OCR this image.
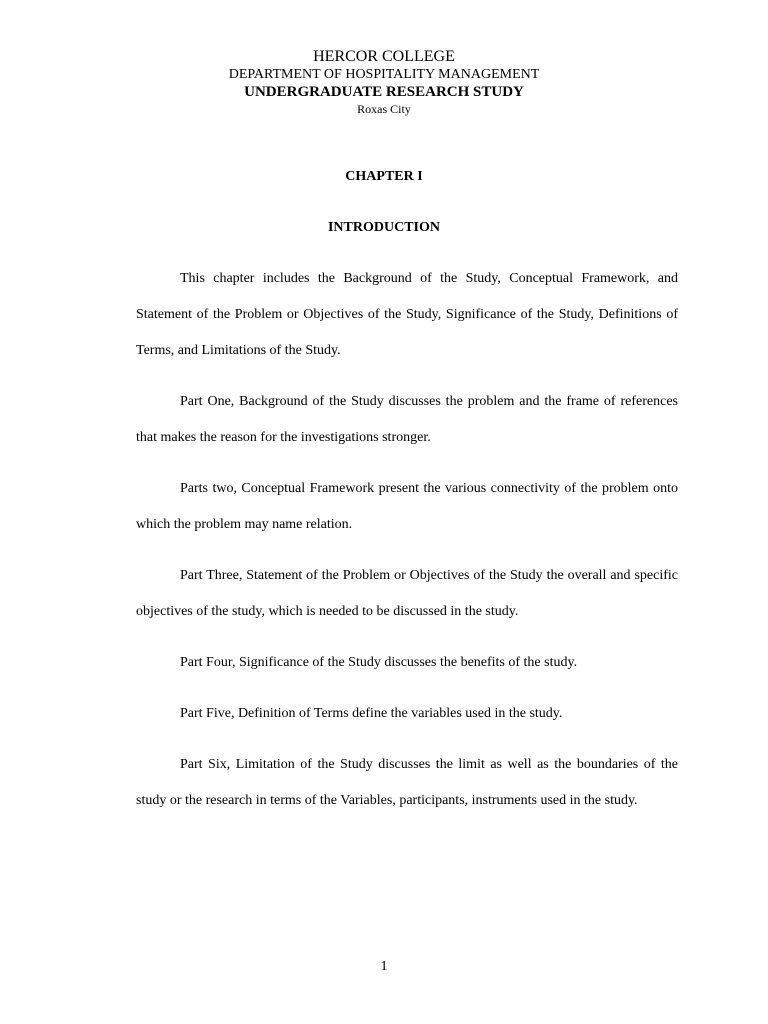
HERCOR COLLEGE
DEPARTMENT OF HOSPITALITY MANAGEMENT
UNDERGRADUATE RESEARCH STUDY
Roxas City
CHAPTER I
INTRODUCTION

This chapter includes the Background of the Study, Conceptual Framework, and Statement of the Problem or Objectives of the Study, Significance of the Study, Definitions of Terms, and Limitations of the Study.

Part One, Background of the Study discusses the problem and the frame of references that makes the reason for the investigations stronger.

Parts two, Conceptual Framework present the various connectivity of the problem onto which the problem may name relation.

Part Three, Statement of the Problem or Objectives of the Study the overall and specific objectives of the study, which is needed to be discussed in the study.

Part Four, Significance of the Study discusses the benefits of the study.

Part Five, Definition of Terms define the variables used in the study.

Part Six, Limitation of the Study discusses the limit as well as the boundaries of the study or the research in terms of the Variables, participants, instruments used in the study.

1
